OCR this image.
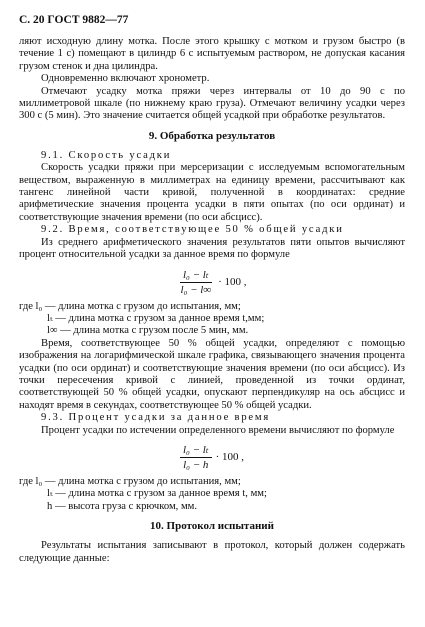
С. 20 ГОСТ 9882—77

ляют исходную длину мотка. После этого крышку с мотком и грузом быстро (в течение 1 с) помещают в цилиндр 6 с испытуемым раствором, не допуская касания грузом стенок и дна цилиндра.

Одновременно включают хронометр.

Отмечают усадку мотка пряжи через интервалы от 10 до 90 с по миллиметровой шкале (по нижнему краю груза). Отмечают величину усадки через 300 с (5 мин). Это значение считается общей усадкой при обработке результатов.

9. Обработка результатов

9.1. Скорость усадки

Скорость усадки пряжи при мерсеризации с исследуемым вспомогательным веществом, выраженную в миллиметрах на единицу времени, рассчитывают как тангенс линейной части кривой, полученной в координатах: средние арифметические значения процента усадки в пяти опытах (по оси ординат) и соответствующие значения времени (по оси абсцисс).

9.2. Время, соответствующее 50 % общей усадки

Из среднего арифметического значения результатов пяти опытов вычисляют процент относительной усадки за данное время по формуле

$\frac{\text{l₀ − lₜ}}{\text{l₀ − l∞}} \cdot 100$ ,
где l₀ — длина мотка с грузом до испытания, мм;
lₜ — длина мотка с грузом за данное время t,мм;
l∞ — длина мотка с грузом после 5 мин, мм.

Время, соответствующее 50 % общей усадки, определяют с помощью изображения на логарифмической шкале графика, связывающего значения процента усадки (по оси ординат) и соответствующие значения времени (по оси абсцисс). Из точки пересечения кривой с линией, проведенной из точки ординат, соответствующей 50 % общей усадки, опускают перпендикуляр на ось абсцисс и находят время в секундах, соответствующее 50 % общей усадки.

9.3. Процент усадки за данное время

Процент усадки по истечении определенного времени вычисляют по формуле

$\frac{\text{l₀ − lₜ}}{\text{l₀ − h}} \cdot 100$ ,
где l₀ — длина мотка с грузом до испытания, мм;
lₜ — длина мотка с грузом за данное время t, мм;
h — высота груза с крючком, мм.
10. Протокол испытаний

Результаты испытания записывают в протокол, который должен содержать следующие данные:
